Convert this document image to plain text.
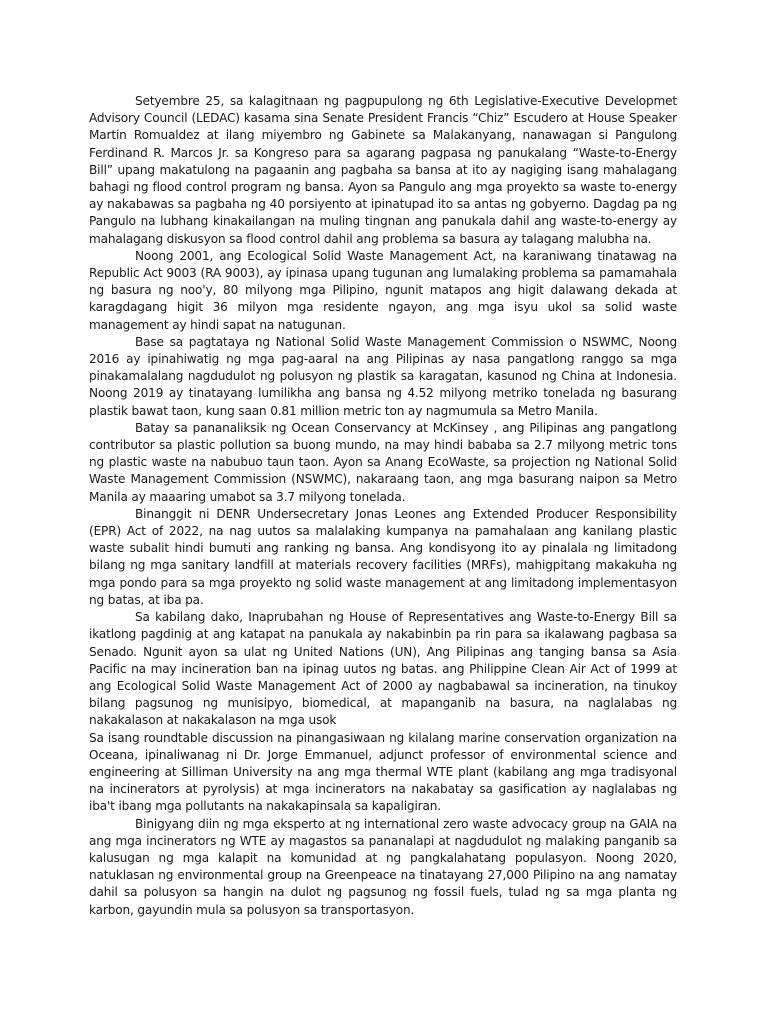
Setyembre 25, sa kalagitnaan ng pagpupulong ng 6th Legislative-Executive Developmet Advisory Council (LEDAC) kasama sina Senate President Francis “Chiz” Escudero at House Speaker Martin Romualdez at ilang miyembro ng Gabinete sa Malakanyang, nanawagan si Pangulong Ferdinand R. Marcos Jr. sa Kongreso para sa agarang pagpasa ng panukalang “Waste-to-Energy Bill” upang makatulong na pagaanin ang pagbaha sa bansa at ito ay nagiging isang mahalagang bahagi ng flood control program ng bansa. Ayon sa Pangulo ang mga proyekto sa waste to-energy ay nakabawas sa pagbaha ng 40 porsiyento at ipinatupad ito sa antas ng gobyerno. Dagdag pa ng Pangulo na lubhang kinakailangan na muling tingnan ang panukala dahil ang waste-to-energy ay mahalagang diskusyon sa flood control dahil ang problema sa basura ay talagang malubha na.

Noong 2001, ang Ecological Solid Waste Management Act, na karaniwang tinatawag na Republic Act 9003 (RA 9003), ay ipinasa upang tugunan ang lumalaking problema sa pamamahala ng basura ng noo'y, 80 milyong mga Pilipino, ngunit matapos ang higit dalawang dekada at karagdagang higit 36 milyon mga residente ngayon, ang mga isyu ukol sa solid waste management ay hindi sapat na natugunan.

Base sa pagtataya ng National Solid Waste Management Commission o NSWMC, Noong 2016 ay ipinahiwatig ng mga pag-aaral na ang Pilipinas ay nasa pangatlong ranggo sa mga pinakamalalang nagdudulot ng polusyon ng plastik sa karagatan, kasunod ng China at Indonesia. Noong 2019 ay tinatayang lumilikha ang bansa ng 4.52 milyong metriko tonelada ng basurang plastik bawat taon, kung saan 0.81 million metric ton ay nagmumula sa Metro Manila.

Batay sa pananaliksik ng Ocean Conservancy at McKinsey , ang Pilipinas ang pangatlong contributor sa plastic pollution sa buong mundo, na may hindi bababa sa 2.7 milyong metric tons ng plastic waste na nabubuo taun taon. Ayon sa Anang EcoWaste, sa projection ng National Solid Waste Management Commission (NSWMC), nakaraang taon, ang mga basurang naipon sa Metro Manila ay maaaring umabot sa 3.7 milyong tonelada.

Binanggit ni DENR Undersecretary Jonas Leones ang Extended Producer Responsibility (EPR) Act of 2022, na nag uutos sa malalaking kumpanya na pamahalaan ang kanilang plastic waste subalit hindi bumuti ang ranking ng bansa. Ang kondisyong ito ay pinalala ng limitadong bilang ng mga sanitary landfill at materials recovery facilities (MRFs), mahigpitang makakuha ng mga pondo para sa mga proyekto ng solid waste management at ang limitadong implementasyon ng batas, at iba pa.

Sa kabilang dako, Inaprubahan ng House of Representatives ang Waste-to-Energy Bill sa ikatlong pagdinig at ang katapat na panukala ay nakabinbin pa rin para sa ikalawang pagbasa sa Senado. Ngunit ayon sa ulat ng United Nations (UN), Ang Pilipinas ang tanging bansa sa Asia Pacific na may incineration ban na ipinag uutos ng batas. ang Philippine Clean Air Act of 1999 at ang Ecological Solid Waste Management Act of 2000 ay nagbabawal sa incineration, na tinukoy bilang pagsunog ng munisipyo, biomedical, at mapanganib na basura, na naglalabas ng nakakalason at nakakalason na mga usok

Sa isang roundtable discussion na pinangasiwaan ng kilalang marine conservation organization na Oceana, ipinaliwanag ni Dr. Jorge Emmanuel, adjunct professor of environmental science and engineering at Silliman University na ang mga thermal WTE plant (kabilang ang mga tradisyonal na incinerators at pyrolysis) at mga incinerators na nakabatay sa gasification ay naglalabas ng iba't ibang mga pollutants na nakakapinsala sa kapaligiran.

Binigyang diin ng mga eksperto at ng international zero waste advocacy group na GAIA na ang mga incinerators ng WTE ay magastos sa pananalapi at nagdudulot ng malaking panganib sa kalusugan ng mga kalapit na komunidad at ng pangkalahatang populasyon. Noong 2020, natuklasan ng environmental group na Greenpeace na tinatayang 27,000 Pilipino na ang namatay dahil sa polusyon sa hangin na dulot ng pagsunog ng fossil fuels, tulad ng sa mga planta ng karbon, gayundin mula sa polusyon sa transportasyon.
